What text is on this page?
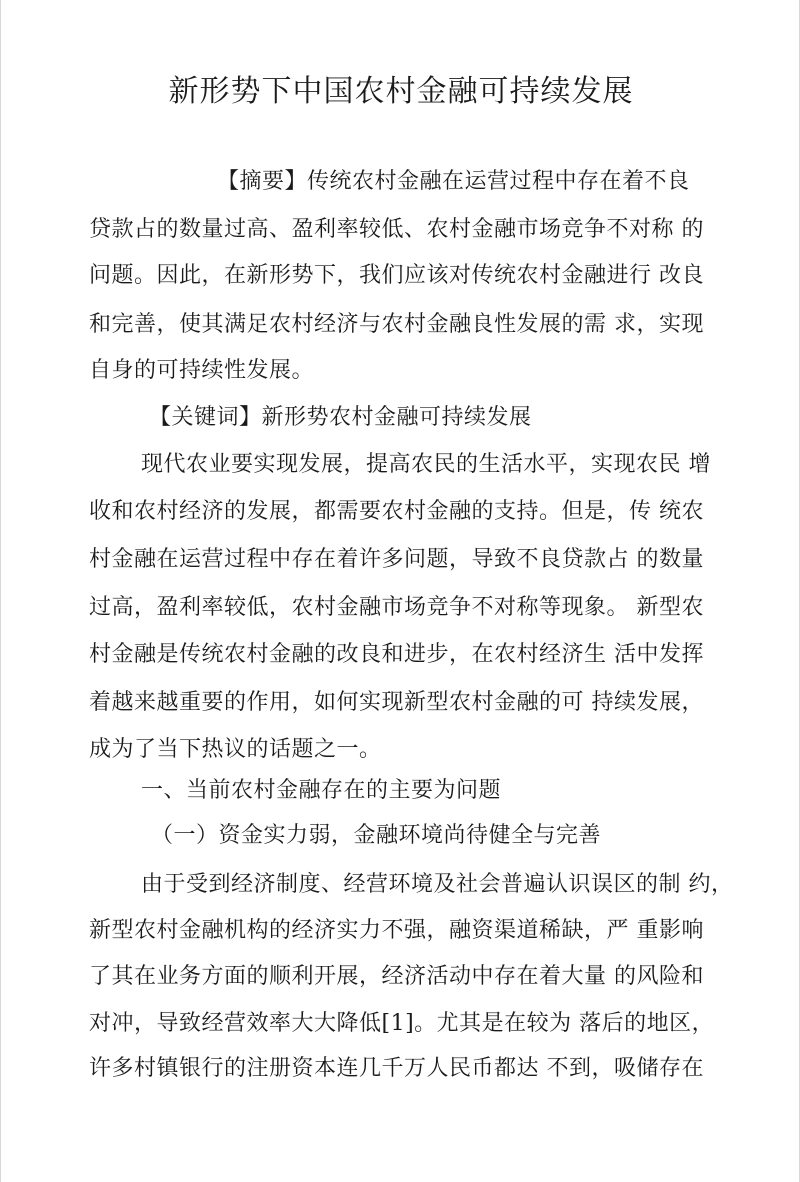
新形势下中国农村金融可持续发展
【摘要】传统农村金融在运营过程中存在着不良
贷款占的数量过高、盈利率较低、农村金融市场竞争不对称 的
问题。因此，在新形势下，我们应该对传统农村金融进行 改良
和完善，使其满足农村经济与农村金融良性发展的需 求，实现
自身的可持续性发展。
【关键词】新形势农村金融可持续发展
现代农业要实现发展，提高农民的生活水平，实现农民 增
收和农村经济的发展，都需要农村金融的支持。但是，传 统农
村金融在运营过程中存在着许多问题，导致不良贷款占 的数量
过高，盈利率较低，农村金融市场竞争不对称等现象。 新型农
村金融是传统农村金融的改良和进步，在农村经济生 活中发挥
着越来越重要的作用，如何实现新型农村金融的可 持续发展，
成为了当下热议的话题之一。
一、当前农村金融存在的主要为问题
（一）资金实力弱，金融环境尚待健全与完善
由于受到经济制度、经营环境及社会普遍认识误区的制 约，
新型农村金融机构的经济实力不强，融资渠道稀缺，严 重影响
了其在业务方面的顺利开展，经济活动中存在着大量 的风险和
对冲，导致经营效率大大降低[1]。尤其是在较为 落后的地区，
许多村镇银行的注册资本连几千万人民币都达 不到，吸储存在
